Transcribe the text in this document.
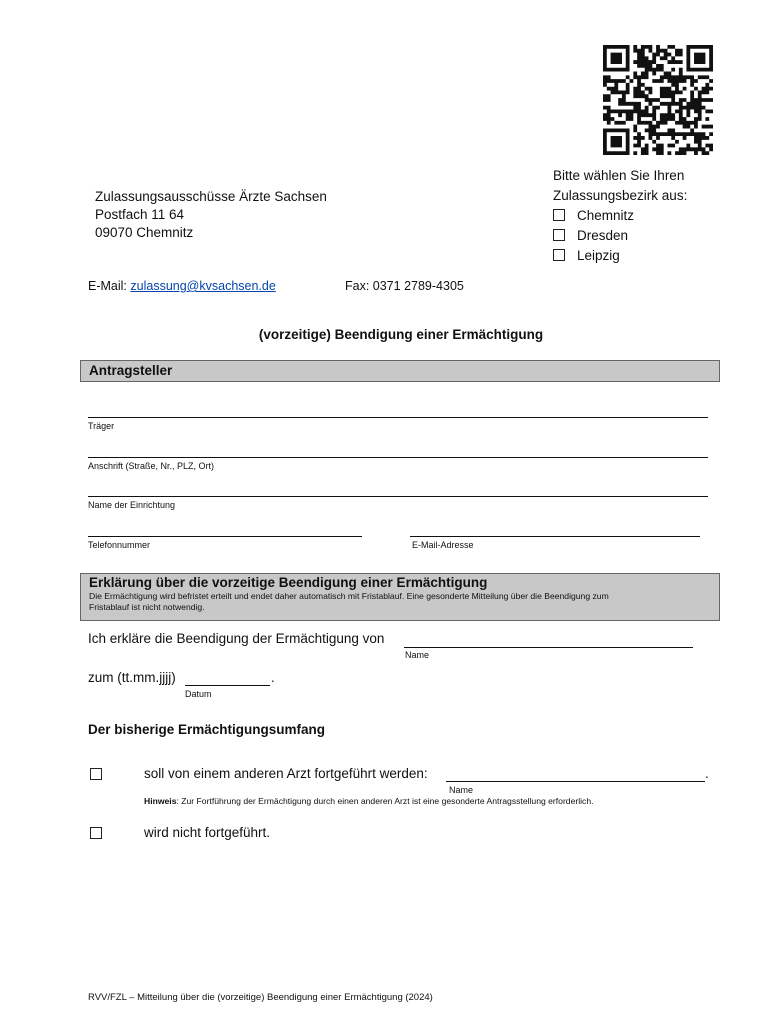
Zulassungsausschüsse Ärzte Sachsen
Postfach 11 64
09070 Chemnitz
Bitte wählen Sie Ihren
Zulassungsbezirk aus:
Chemnitz
Dresden
Leipzig
E-Mail: zulassung@kvsachsen.de	Fax: 0371 2789-4305
(vorzeitige) Beendigung einer Ermächtigung
Antragsteller
Träger
Anschrift (Straße, Nr., PLZ, Ort)
Name der Einrichtung
Telefonnummer	E-Mail-Adresse
Erklärung über die vorzeitige Beendigung einer Ermächtigung
Die Ermächtigung wird befristet erteilt und endet daher automatisch mit Fristablauf. Eine gesonderte Mitteilung über die Beendigung zum
Fristablauf ist nicht notwendig.
Ich erkläre die Beendigung der Ermächtigung von
Name
zum (tt.mm.jjjj)	.
Datum
Der bisherige Ermächtigungsumfang
soll von einem anderen Arzt fortgeführt werden:	.
Name
Hinweis: Zur Fortführung der Ermächtigung durch einen anderen Arzt ist eine gesonderte Antragsstellung erforderlich.
wird nicht fortgeführt.
RVV/FZL – Mitteilung über die (vorzeitige) Beendigung einer Ermächtigung (2024)
